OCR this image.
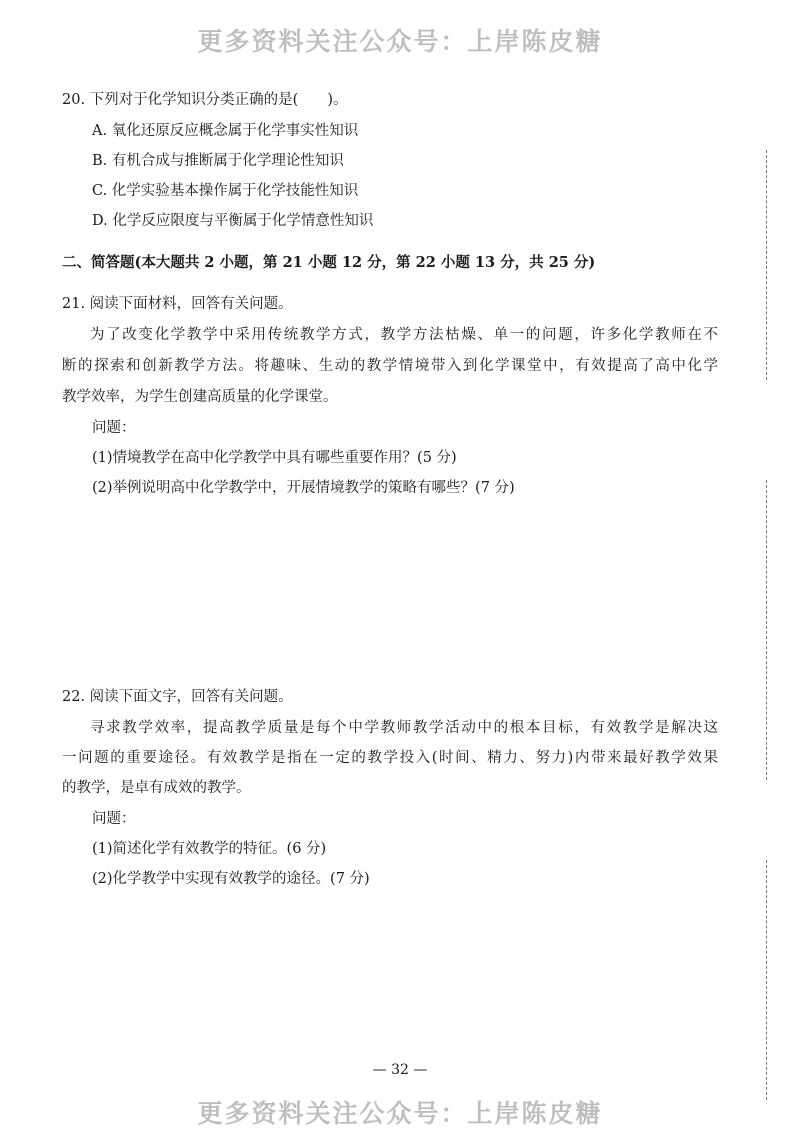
更多资料关注公众号：上岸陈皮糖
20. 下列对于化学知识分类正确的是(　　)。
A. 氧化还原反应概念属于化学事实性知识
B. 有机合成与推断属于化学理论性知识
C. 化学实验基本操作属于化学技能性知识
D. 化学反应限度与平衡属于化学情意性知识
二、简答题(本大题共 2 小题，第 21 小题 12 分，第 22 小题 13 分，共 25 分)
21. 阅读下面材料，回答有关问题。
为了改变化学教学中采用传统教学方式，教学方法枯燥、单一的问题，许多化学教师在不
断的探索和创新教学方法。将趣味、生动的教学情境带入到化学课堂中，有效提高了高中化学
教学效率，为学生创建高质量的化学课堂。
问题：
(1)情境教学在高中化学教学中具有哪些重要作用？(5 分)
(2)举例说明高中化学教学中，开展情境教学的策略有哪些？(7 分)
22. 阅读下面文字，回答有关问题。
寻求教学效率，提高教学质量是每个中学教师教学活动中的根本目标，有效教学是解决这
一问题的重要途径。有效教学是指在一定的教学投入(时间、精力、努力)内带来最好教学效果
的教学，是卓有成效的教学。
问题：
(1)简述化学有效教学的特征。(6 分)
(2)化学教学中实现有效教学的途径。(7 分)
— 32 —
更多资料关注公众号：上岸陈皮糖
